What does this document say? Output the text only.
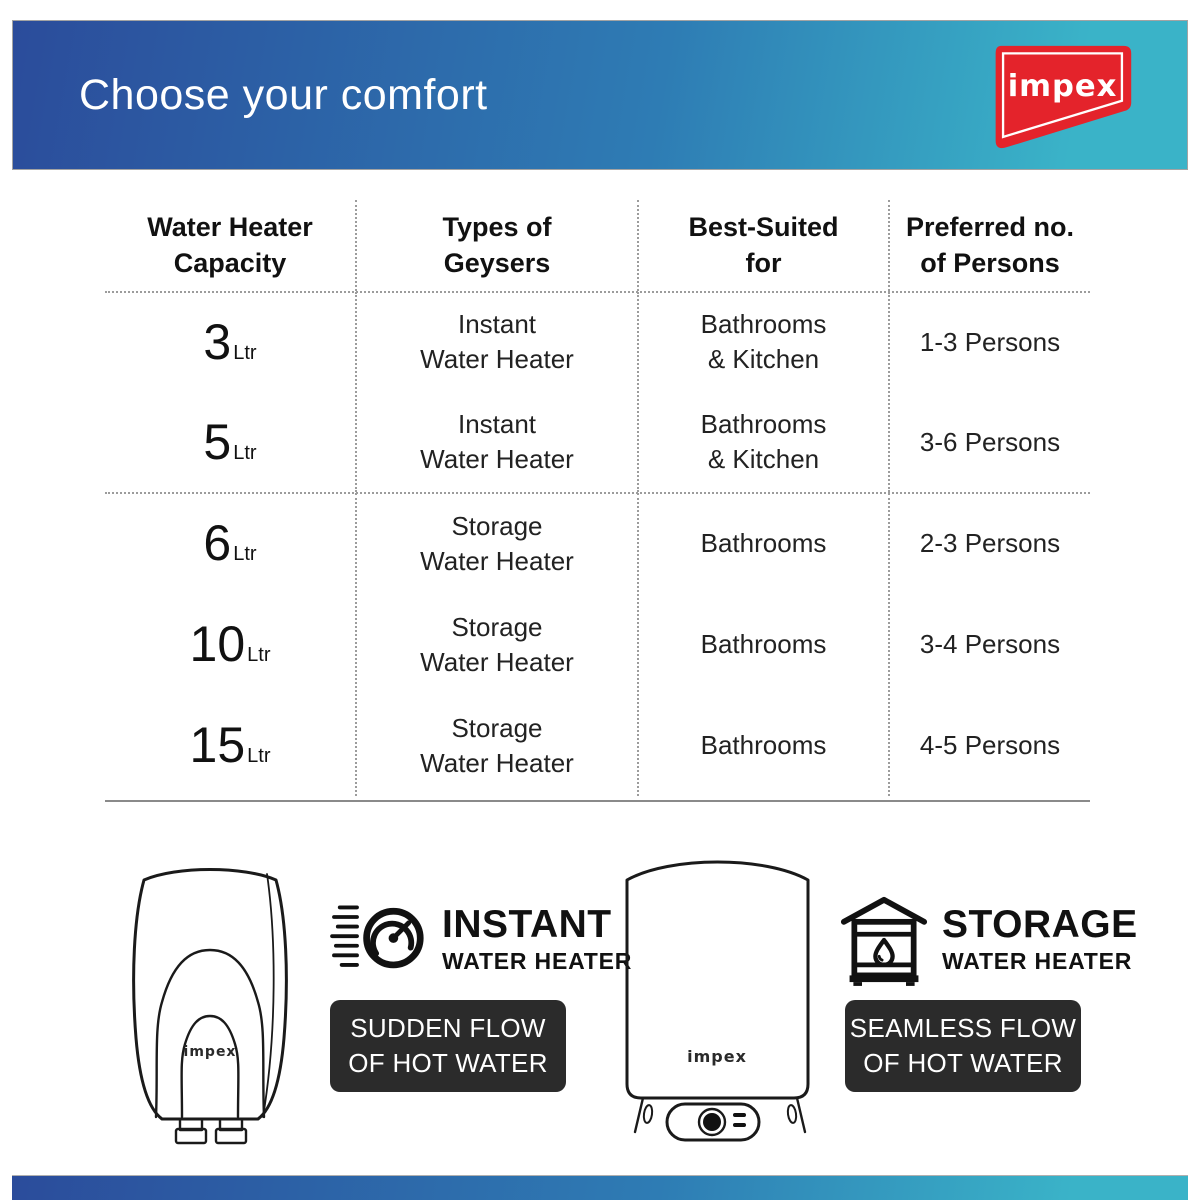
Choose your comfort	impex
Water Heater
Capacity
Types of
Geysers
Best-Suited
for
Preferred no.
of Persons
3 Ltr
5 Ltr
Instant
Water Heater
Instant
Water Heater
Bathrooms
& Kitchen
Bathrooms
& Kitchen
1-3 Persons
3-6 Persons
6 Ltr
10 Ltr
15 Ltr
Storage
Water Heater
Storage
Water Heater
Storage
Water Heater
Bathrooms
Bathrooms
Bathrooms
2-3 Persons
3-4 Persons
4-5 Persons
impex
INSTANT
WATER HEATER
SUDDEN FLOW
OF HOT WATER	impex
STORAGE
WATER HEATER
SEAMLESS FLOW
OF HOT WATER
